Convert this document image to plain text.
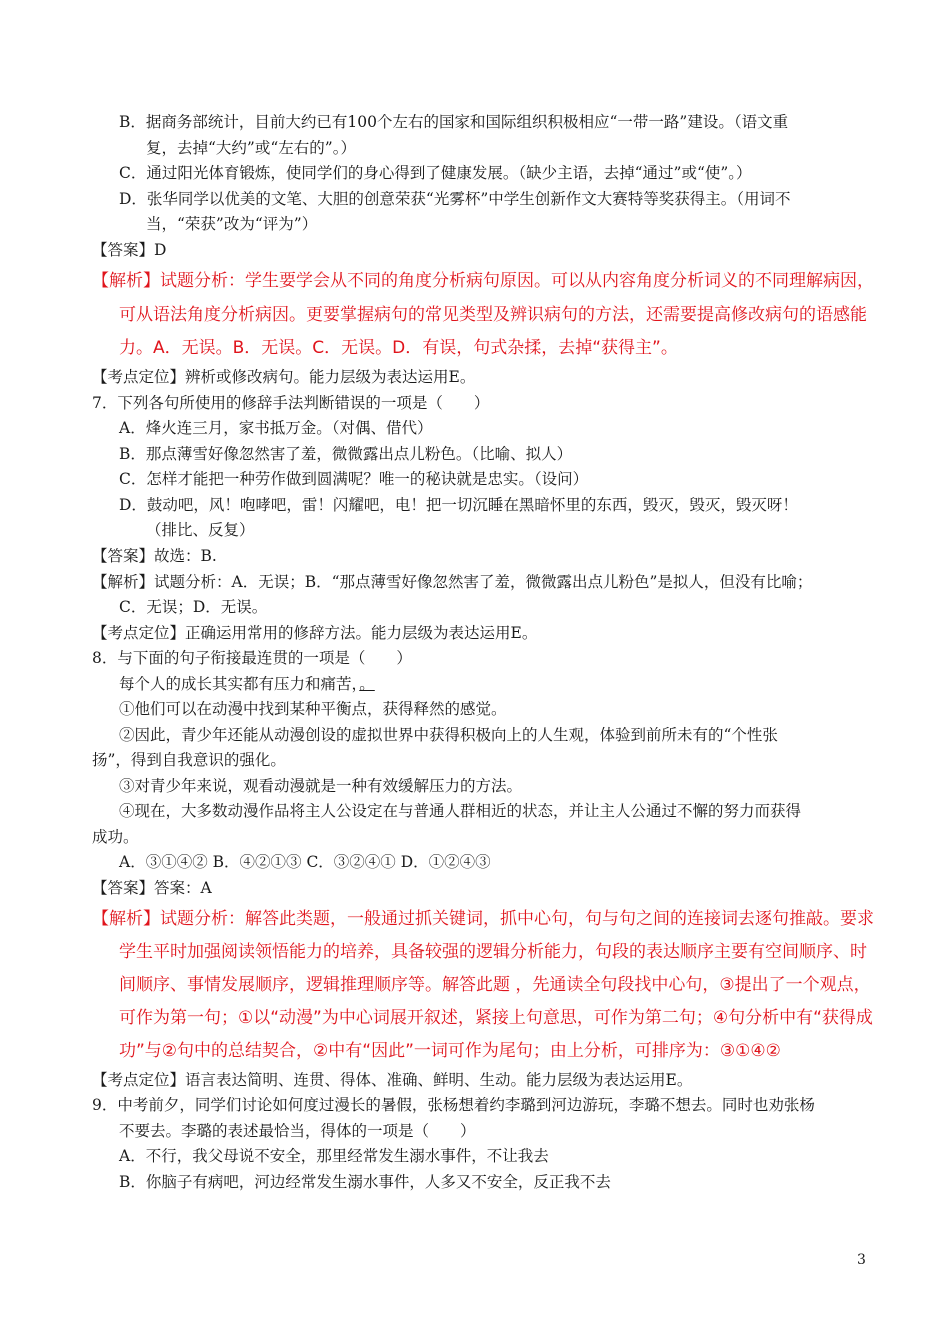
B．据商务部统计，目前大约已有100个左右的国家和国际组织积极相应“一带一路”建设。（语文重
复，去掉“大约”或“左右的”。）
C．通过阳光体育锻炼，使同学们的身心得到了健康发展。（缺少主语，去掉“通过”或“使”。）
D．张华同学以优美的文笔、大胆的创意荣获“光雾杯”中学生创新作文大赛特等奖获得主。（用词不
当，“荣获”改为“评为”）
【答案】D
【解析】试题分析：学生要学会从不同的角度分析病句原因。可以从内容角度分析词义的不同理解病因，
可从语法角度分析病因。更要掌握病句的常见类型及辨识病句的方法，还需要提高修改病句的语感能
力。A．无误。B．无误。C．无误。D．有误，句式杂揉，去掉“获得主”。
【考点定位】辨析或修改病句。能力层级为表达运用E。
7．下列各句所使用的修辞手法判断错误的一项是（　　）
A．烽火连三月，家书抵万金。（对偶、借代）
B．那点薄雪好像忽然害了羞，微微露出点儿粉色。（比喻、拟人）
C．怎样才能把一种劳作做到圆满呢？唯一的秘诀就是忠实。（设问）
D．鼓动吧，风！咆哮吧，雷！闪耀吧，电！把一切沉睡在黑暗怀里的东西，毁灭，毁灭，毁灭呀！
（排比、反复）
【答案】故选：B.
【解析】试题分析：A．无误；B．“那点薄雪好像忽然害了羞，微微露出点儿粉色”是拟人，但没有比喻；
C．无误；D．无误。
【考点定位】正确运用常用的修辞方法。能力层级为表达运用E。
8．与下面的句子衔接最连贯的一项是（　　）
每个人的成长其实都有压力和痛苦，。
①他们可以在动漫中找到某种平衡点，获得释然的感觉。
②因此，青少年还能从动漫创设的虚拟世界中获得积极向上的人生观，体验到前所未有的“个性张
扬”，得到自我意识的强化。
③对青少年来说，观看动漫就是一种有效缓解压力的方法。
④现在，大多数动漫作品将主人公设定在与普通人群相近的状态，并让主人公通过不懈的努力而获得
成功。
A．③①④② B．④②①③ C．③②④① D．①②④③
【答案】答案：A
【解析】试题分析：解答此类题，一般通过抓关键词，抓中心句，句与句之间的连接词去逐句推敲。要求
学生平时加强阅读领悟能力的培养，具备较强的逻辑分析能力，句段的表达顺序主要有空间顺序、时
间顺序、事情发展顺序，逻辑推理顺序等。解答此题 ，先通读全句段找中心句，③提出了一个观点，
可作为第一句；①以“动漫”为中心词展开叙述，紧接上句意思，可作为第二句；④句分析中有“获得成
功”与②句中的总结契合，②中有“因此”一词可作为尾句；由上分析，可排序为：③①④②
【考点定位】语言表达简明、连贯、得体、准确、鲜明、生动。能力层级为表达运用E。
9．中考前夕，同学们讨论如何度过漫长的暑假，张杨想着约李璐到河边游玩，李璐不想去。同时也劝张杨
不要去。李璐的表述最恰当，得体的一项是（　　）
A．不行，我父母说不安全，那里经常发生溺水事件，不让我去
B．你脑子有病吧，河边经常发生溺水事件，人多又不安全，反正我不去
3
